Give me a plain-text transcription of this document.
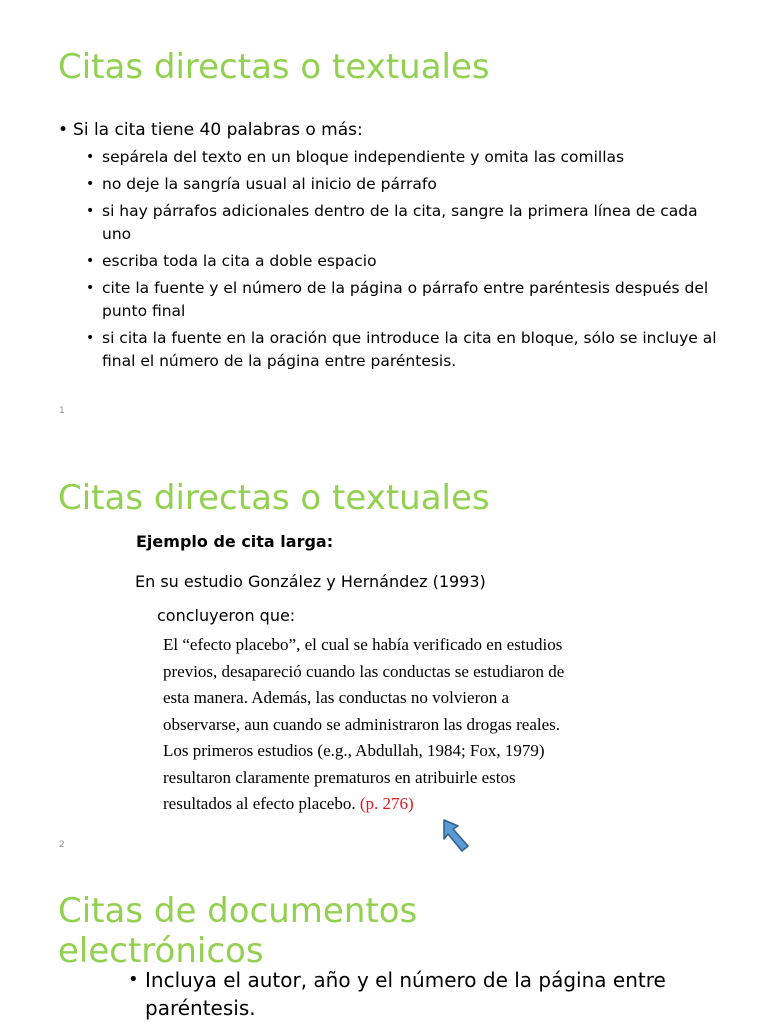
Citas directas o textuales
• Si la cita tiene 40 palabras o más:
• sepárela del texto en un bloque independiente y omita las comillas
• no deje la sangría usual al inicio de párrafo
• si hay párrafos adicionales dentro de la cita, sangre la primera línea de cada uno
• escriba toda la cita a doble espacio
• cite la fuente y el número de la página o párrafo entre paréntesis después del punto final
• si cita la fuente en la oración que introduce la cita en bloque, sólo se incluye al final el número de la página entre paréntesis.
1
Citas directas o textuales
Ejemplo de cita larga:
En su estudio González y Hernández (1993)
concluyeron que:

El “efecto placebo”, el cual se había verificado en estudios

previos, desapareció cuando las conductas se estudiaron de

esta manera. Además, las conductas no volvieron a

observarse, aun cuando se administraron las drogas reales.

Los primeros estudios (e.g., Abdullah, 1984; Fox, 1979)

resultaron claramente prematuros en atribuirle estos

resultados al efecto placebo. (p. 276)

2
Citas de documentos
electrónicos
• Incluya el autor, año y el número de la página entre paréntesis.
